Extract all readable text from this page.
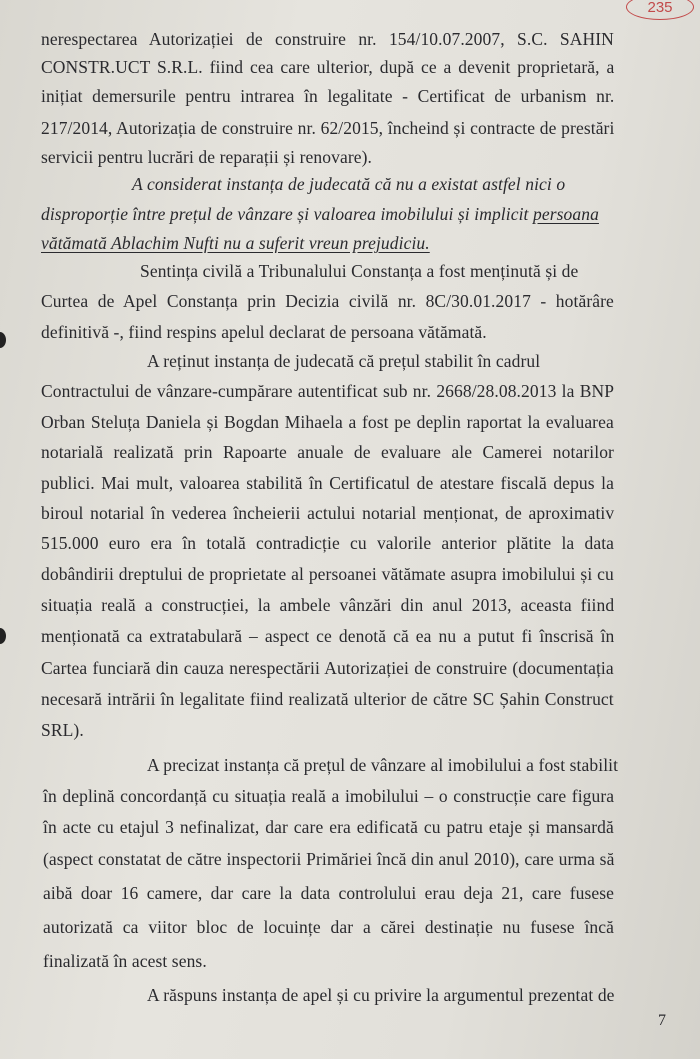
235
nerespectarea Autorizației de construire nr. 154/10.07.2007, S.C. SAHIN
CONSTR.UCT S.R.L. fiind cea care ulterior, după ce a devenit proprietară, a
inițiat demersurile pentru intrarea în legalitate - Certificat de urbanism nr.
217/2014, Autorizația de construire nr. 62/2015, încheind și contracte de prestări
servicii pentru lucrări de reparații și renovare).
A considerat instanța de judecată că nu a existat astfel nici o
disproporție între prețul de vânzare și valoarea imobilului și implicit persoana
vătămată Ablachim Nufti nu a suferit vreun prejudiciu.
Sentința civilă a Tribunalului Constanța a fost menținută și de
Curtea de Apel Constanța prin Decizia civilă nr. 8C/30.01.2017 - hotărâre
definitivă -, fiind respins apelul declarat de persoana vătămată.
A reținut instanța de judecată că prețul stabilit în cadrul
Contractului de vânzare-cumpărare autentificat sub nr. 2668/28.08.2013 la BNP
Orban Steluța Daniela și Bogdan Mihaela a fost pe deplin raportat la evaluarea
notarială realizată prin Rapoarte anuale de evaluare ale Camerei notarilor
publici. Mai mult, valoarea stabilită în Certificatul de atestare fiscală depus la
biroul notarial în vederea încheierii actului notarial menționat, de aproximativ
515.000 euro era în totală contradicție cu valorile anterior plătite la data
dobândirii dreptului de proprietate al persoanei vătămate asupra imobilului și cu
situația reală a construcției, la ambele vânzări din anul 2013, aceasta fiind
menționată ca extratabulară – aspect ce denotă că ea nu a putut fi înscrisă în
Cartea funciară din cauza nerespectării Autorizației de construire (documentația
necesară intrării în legalitate fiind realizată ulterior de către SC Șahin Construct
SRL).
A precizat instanța că prețul de vânzare al imobilului a fost stabilit
în deplină concordanță cu situația reală a imobilului – o construcție care figura
în acte cu etajul 3 nefinalizat, dar care era edificată cu patru etaje și mansardă
(aspect constatat de către inspectorii Primăriei încă din anul 2010), care urma să
aibă doar 16 camere, dar care la data controlului erau deja 21, care fusese
autorizată ca viitor bloc de locuințe dar a cărei destinație nu fusese încă
finalizată în acest sens.
A răspuns instanța de apel și cu privire la argumentul prezentat de
7
